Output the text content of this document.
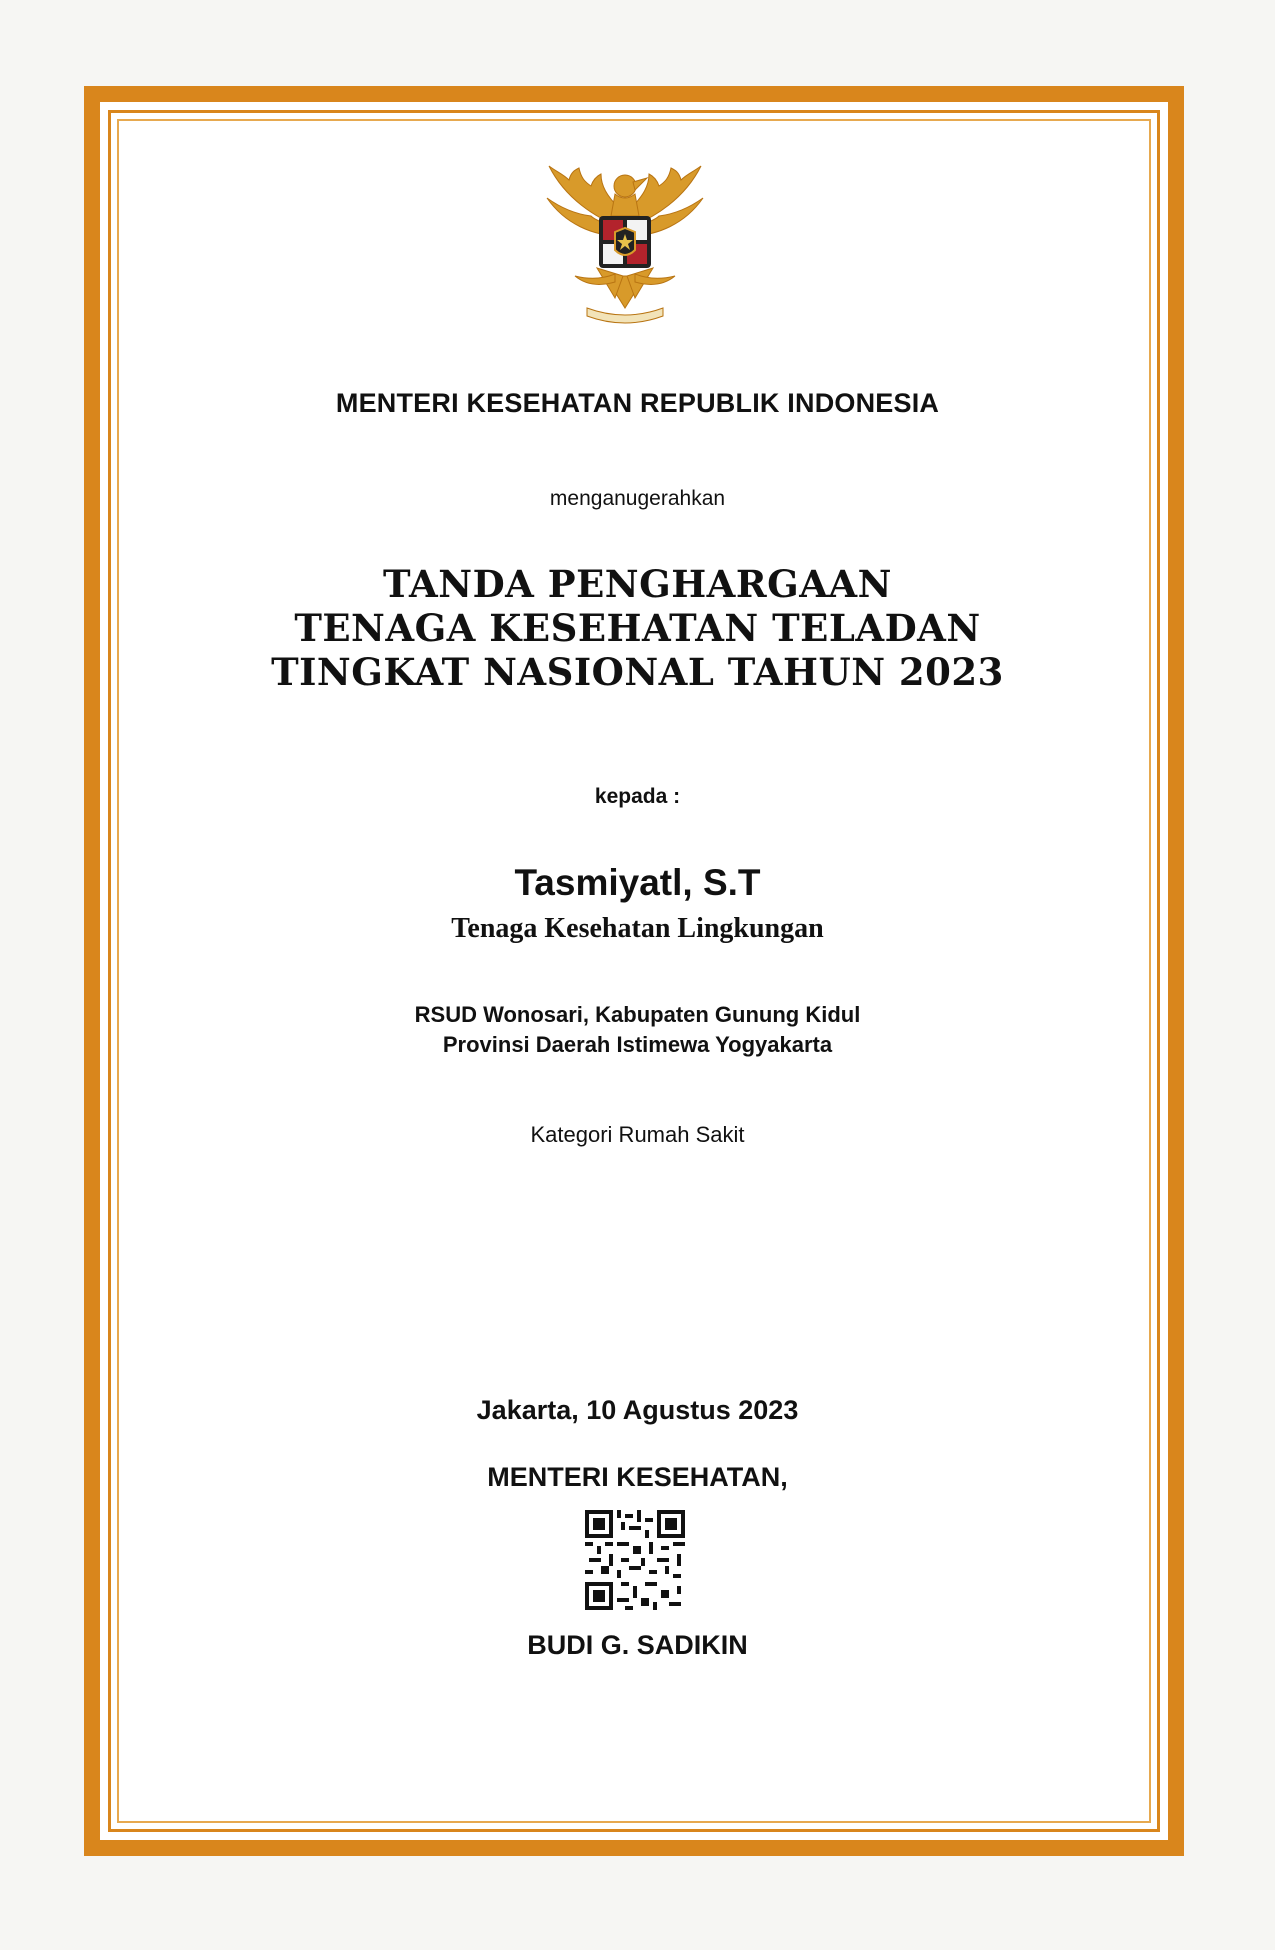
MENTERI KESEHATAN REPUBLIK INDONESIA
menganugerahkan
TANDA PENGHARGAAN
TENAGA KESEHATAN TELADAN
TINGKAT NASIONAL TAHUN 2023
kepada :
Tasmiyatl, S.T
Tenaga Kesehatan Lingkungan
RSUD Wonosari, Kabupaten Gunung Kidul
Provinsi Daerah Istimewa Yogyakarta
Kategori Rumah Sakit
Jakarta, 10 Agustus 2023
MENTERI KESEHATAN,
BUDI G. SADIKIN
